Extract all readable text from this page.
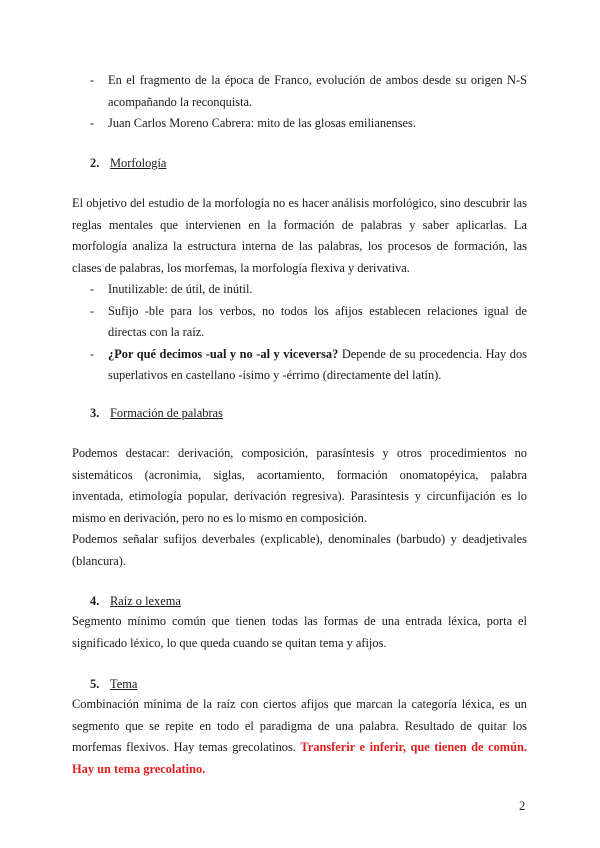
- En el fragmento de la época de Franco, evolución de ambos desde su origen N-S acompañando la reconquista.
- Juan Carlos Moreno Cabrera: mito de las glosas emilianenses.
2. Morfología
El objetivo del estudio de la morfología no es hacer análisis morfológico, sino descubrir las reglas mentales que intervienen en la formación de palabras y saber aplicarlas. La morfología analiza la estructura interna de las palabras, los procesos de formación, las clases de palabras, los morfemas, la morfología flexiva y derivativa.
- Inutilizable: de útil, de inútil.
- Sufijo -ble para los verbos, no todos los afijos establecen relaciones igual de directas con la raíz.
- ¿Por qué decimos -ual y no -al y viceversa? Depende de su procedencia. Hay dos superlativos en castellano -ísimo y -érrimo (directamente del latín).
3. Formación de palabras
Podemos destacar: derivación, composición, parasíntesis y otros procedimientos no sistemáticos (acronimia, siglas, acortamiento, formación onomatopéyica, palabra inventada, etimología popular, derivación regresiva). Parasíntesis y circunfijación es lo mismo en derivación, pero no es lo mismo en composición.
Podemos señalar sufijos deverbales (explicable), denominales (barbudo) y deadjetivales (blancura).
4. Raíz o lexema
Segmento mínimo común que tienen todas las formas de una entrada léxica, porta el significado léxico, lo que queda cuando se quitan tema y afijos.
5. Tema
Combinación mínima de la raíz con ciertos afijos que marcan la categoría léxica, es un segmento que se repite en todo el paradigma de una palabra. Resultado de quitar los morfemas flexivos. Hay temas grecolatinos. Transferir e inferir, que tienen de común. Hay un tema grecolatino.
2
